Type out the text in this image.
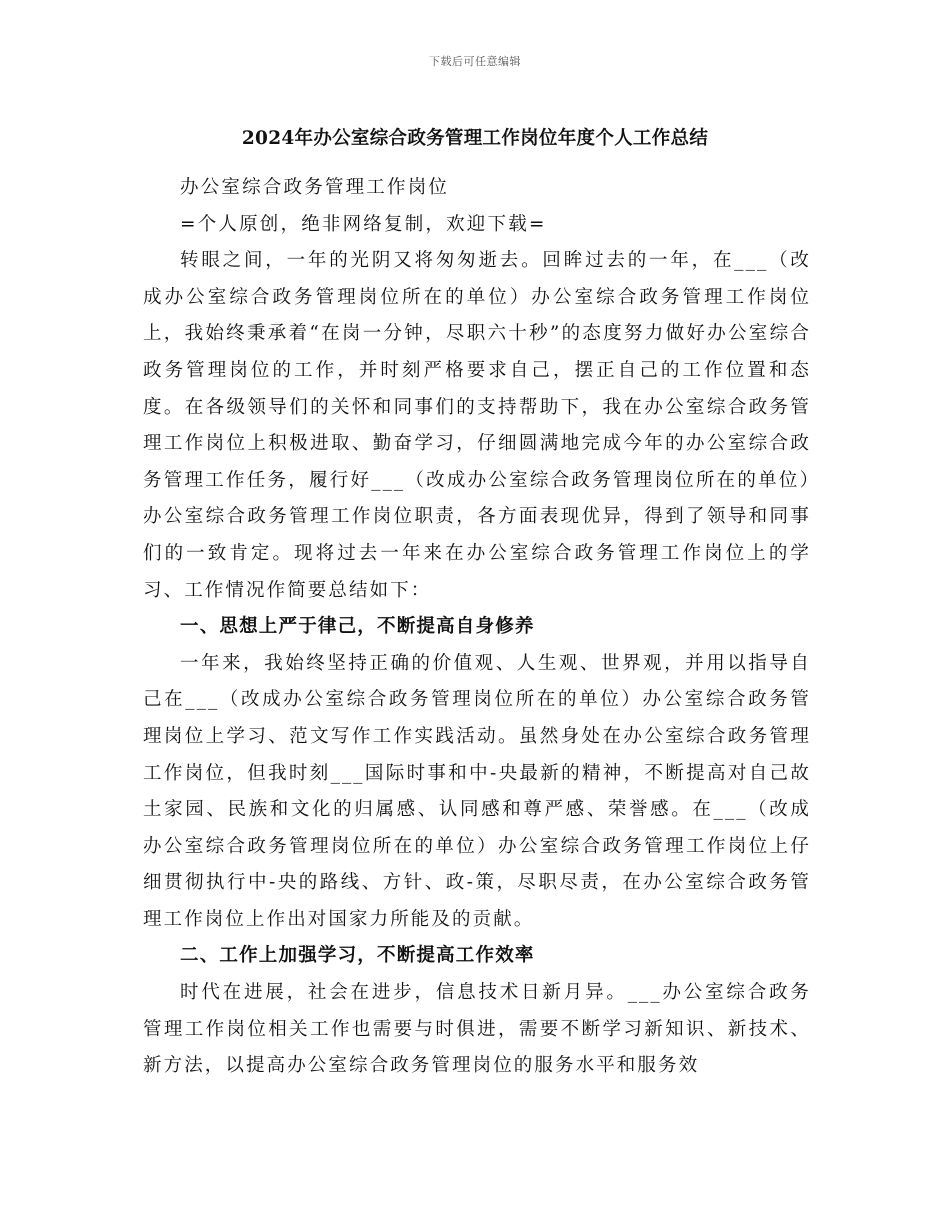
下载后可任意编辑
2024年办公室综合政务管理工作岗位年度个人工作总结

办公室综合政务管理工作岗位

=个人原创，绝非网络复制，欢迎下载=

转眼之间，一年的光阴又将匆匆逝去。回眸过去的一年，在___（改成办公室综合政务管理岗位所在的单位）办公室综合政务管理工作岗位上，我始终秉承着“在岗一分钟，尽职六十秒”的态度努力做好办公室综合政务管理岗位的工作，并时刻严格要求自己，摆正自己的工作位置和态度。在各级领导们的关怀和同事们的支持帮助下，我在办公室综合政务管理工作岗位上积极进取、勤奋学习，仔细圆满地完成今年的办公室综合政务管理工作任务，履行好___（改成办公室综合政务管理岗位所在的单位）办公室综合政务管理工作岗位职责，各方面表现优异，得到了领导和同事们的一致肯定。现将过去一年来在办公室综合政务管理工作岗位上的学习、工作情况作简要总结如下：

一、思想上严于律己，不断提高自身修养

一年来，我始终坚持正确的价值观、人生观、世界观，并用以指导自己在___（改成办公室综合政务管理岗位所在的单位）办公室综合政务管理岗位上学习、范文写作工作实践活动。虽然身处在办公室综合政务管理工作岗位，但我时刻___国际时事和中-央最新的精神，不断提高对自己故土家园、民族和文化的归属感、认同感和尊严感、荣誉感。在___（改成办公室综合政务管理岗位所在的单位）办公室综合政务管理工作岗位上仔细贯彻执行中-央的路线、方针、政-策，尽职尽责，在办公室综合政务管理工作岗位上作出对国家力所能及的贡献。

二、工作上加强学习，不断提高工作效率

时代在进展，社会在进步，信息技术日新月异。___办公室综合政务管理工作岗位相关工作也需要与时俱进，需要不断学习新知识、新技术、新方法，以提高办公室综合政务管理岗位的服务水平和服务效
